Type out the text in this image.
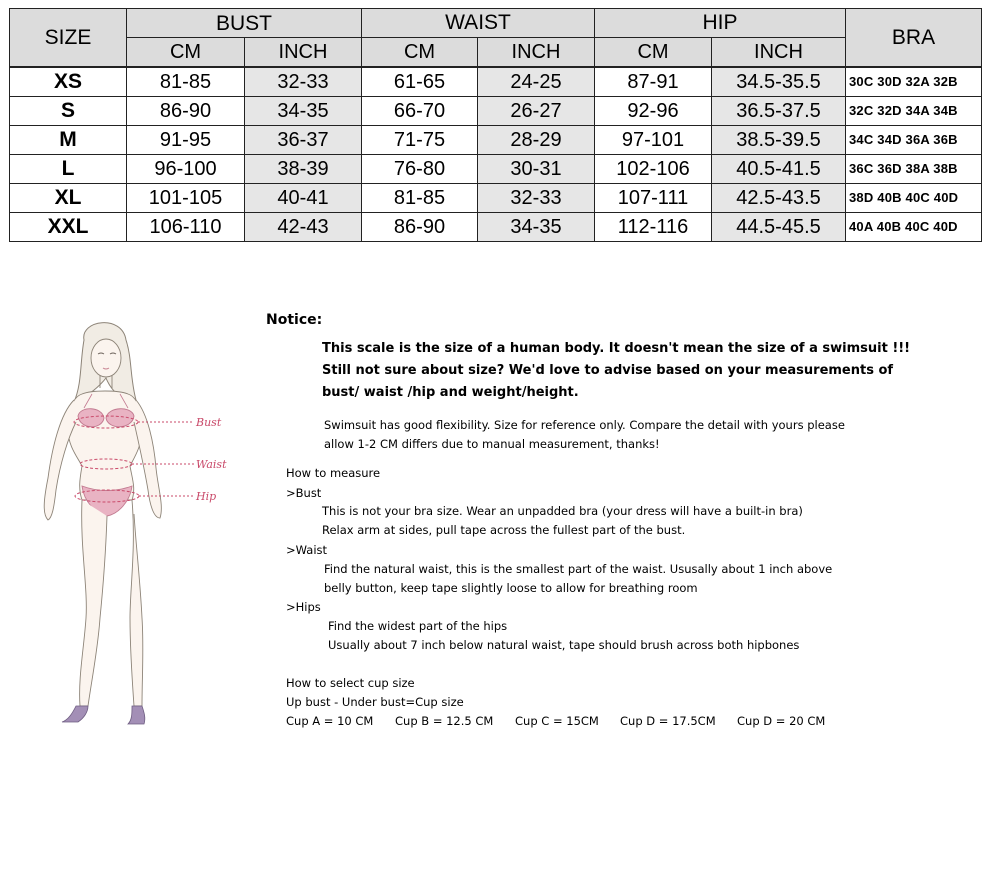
SIZE	BUST		WAIST		HIP		BRA
	CM	INCH	CM	INCH	CM	INCH	
XS	81-85	32-33	61-65	24-25	87-91	34.5-35.5	30C 30D 32A 32B
S	86-90	34-35	66-70	26-27	92-96	36.5-37.5	32C 32D 34A 34B
M	91-95	36-37	71-75	28-29	97-101	38.5-39.5	34C 34D 36A 36B
L	96-100	38-39	76-80	30-31	102-106	40.5-41.5	36C 36D 38A 38B
XL	101-105	40-41	81-85	32-33	107-111	42.5-43.5	38D 40B 40C 40D
XXL	106-110	42-43	86-90	34-35	112-116	44.5-45.5	40A 40B 40C 40D
Bust
Waist
Hip
Notice:
This scale is the size of a human body. It doesn't mean the size of a swimsuit !!!
Still not sure about size? We'd love to advise based on your measurements of
bust/ waist /hip and weight/height.
Swimsuit has good flexibility. Size for reference only. Compare the detail with yours please
allow 1-2 CM differs due to manual measurement, thanks!
How to measure
>Bust
This is not your bra size. Wear an unpadded bra (your dress will have a built-in bra)
Relax arm at sides, pull tape across the fullest part of the bust.
>Waist
Find the natural waist, this is the smallest part of the waist. Ususally about 1 inch above
belly button, keep tape slightly loose to allow for breathing room
>Hips
Find the widest part of the hips
Usually about 7 inch below natural waist, tape should brush across both hipbones
How to select cup size
Up bust - Under bust=Cup size
Cup A = 10 CM Cup B = 12.5 CM Cup C = 15CM Cup D = 17.5CM Cup D = 20 CM
